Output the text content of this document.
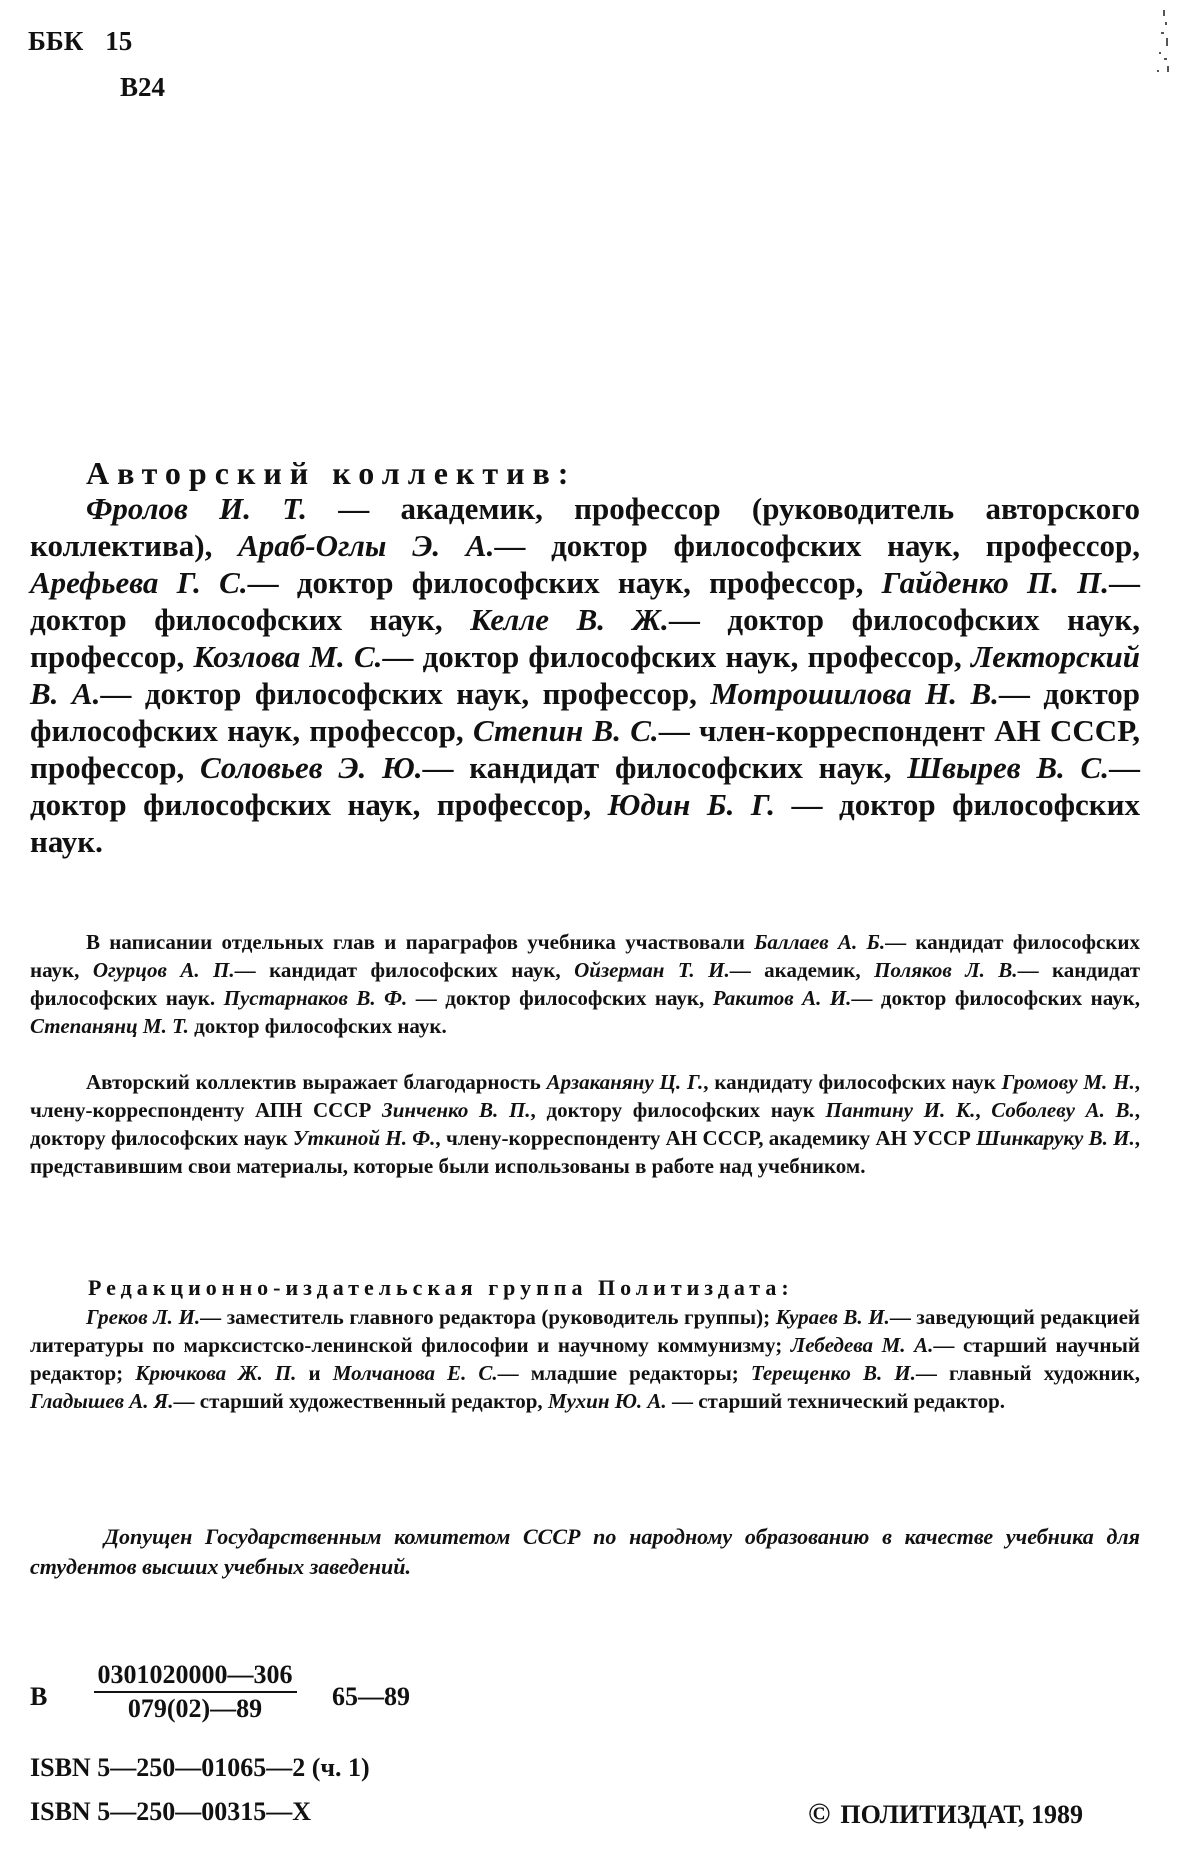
ББК 15
В24
Авторский коллектив:
Фролов И. Т. — академик, профессор (руководитель авторского коллектива), Араб-Оглы Э. А.— доктор философских наук, профессор, Арефьева Г. С.— доктор философских наук, профессор, Гайденко П. П.— доктор философских наук, Келле В. Ж.— доктор философских наук, профессор, Козлова М. С.— доктор философских наук, профессор, Лекторский В. А.— доктор философских наук, профессор, Мотрошилова Н. В.— доктор философских наук, профессор, Степин В. С.— член-корреспондент АН СССР, профессор, Соловьев Э. Ю.— кандидат философских наук, Швырев В. С.— доктор философских наук, профессор, Юдин Б. Г. — доктор философских наук.
В написании отдельных глав и параграфов учебника участвовали Баллаев А. Б.— кандидат философских наук, Огурцов А. П.— кандидат философских наук, Ойзерман Т. И.— академик, Поляков Л. В.— кандидат философских наук. Пустарнаков В. Ф. — доктор философских наук, Ракитов А. И.— доктор философских наук, Степанянц М. Т. доктор философских наук.
Авторский коллектив выражает благодарность Арзаканяну Ц. Г., кандидату философских наук Громову М. Н., члену-корреспонденту АПН СССР Зинченко В. П., доктору философских наук Пантину И. К., Соболеву А. В., доктору философских наук Уткиной Н. Ф., члену-корреспонденту АН СССР, академику АН УССР Шинкаруку В. И., представившим свои материалы, которые были использованы в работе над учебником.
Редакционно-издательская группа Политиздата:
Греков Л. И.— заместитель главного редактора (руководитель группы); Кураев В. И.— заведующий редакцией литературы по марксистско-ленинской философии и научному коммунизму; Лебедева М. А.— старший научный редактор; Крючкова Ж. П. и Молчанова Е. С.— младшие редакторы; Терещенко В. И.— главный художник, Гладышев А. Я.— старший художественный редактор, Мухин Ю. А. — старший технический редактор.
Допущен Государственным комитетом СССР по народному образованию в качестве учебника для студентов высших учебных заведений.
В
0301020000—306
079(02)—89	65—89
ISBN 5—250—01065—2 (ч. 1)
ISBN 5—250—00315—X	© ПОЛИТИЗДАТ, 1989
